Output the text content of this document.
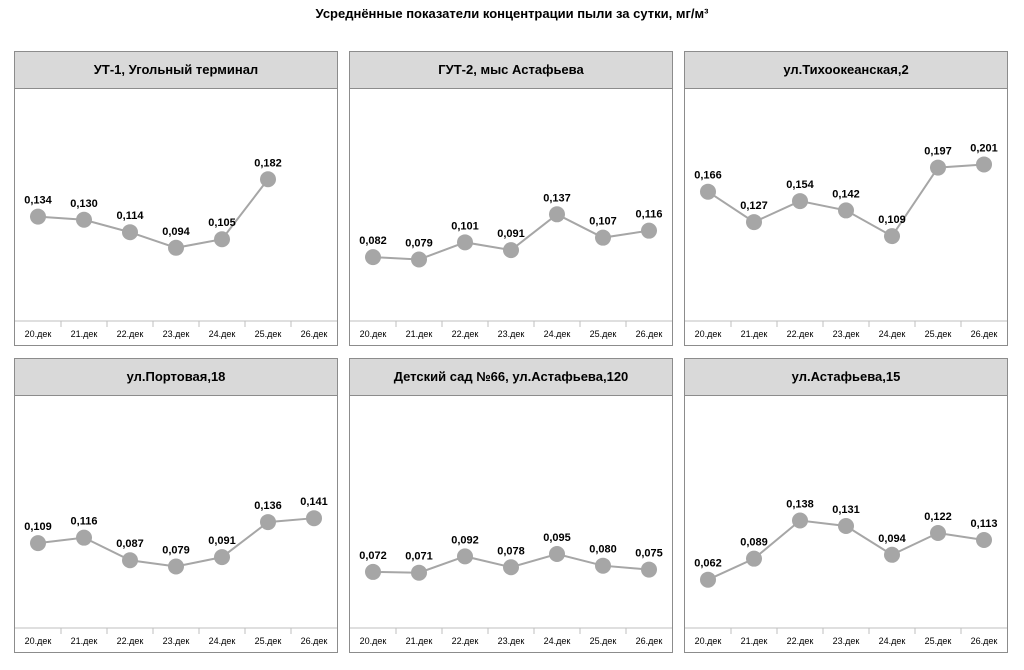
Усреднённые показатели концентрации пыли за сутки, мг/м³
УТ-1, Угольный терминал
20.дек 21.дек 22.дек 23.дек 24.дек 25.дек 26.дек
0,134 0,130
0,114
0,094
0,105
0,182
ГУТ-2, мыс Астафьева
20.дек 21.дек 22.дек 23.дек 24.дек 25.дек 26.дек
0,082 0,079
0,101
0,091
0,137
0,107
0,116
ул.Тихоокеанская,2
20.дек 21.дек 22.дек 23.дек 24.дек 25.дек 26.дек
0,166
0,127
0,154
0,142
0,109
0,197 0,201
ул.Портовая,18
20.дек 21.дек 22.дек 23.дек 24.дек 25.дек 26.дек
0,109 0,116
0,087
0,079
0,091
0,136 0,141
Детский сад №66, ул.Астафьева,120
20.дек 21.дек 22.дек 23.дек 24.дек 25.дек 26.дек
0,072 0,071
0,092
0,078
0,095
0,080 0,075
ул.Астафьева,15
20.дек 21.дек 22.дек 23.дек 24.дек 25.дек 26.дек
0,062
0,089
0,138 0,131
0,094
0,122
0,113
